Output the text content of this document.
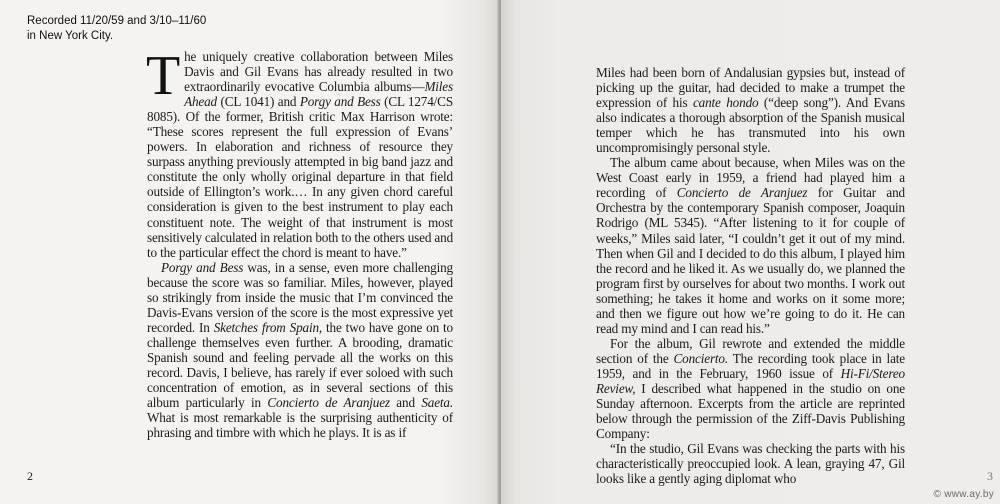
Recorded 11/20/59 and 3/10–11/60
in New York City.

The uniquely creative collaboration between Miles Davis and Gil Evans has already resulted in two extraordinarily evocative Columbia albums—Miles Ahead (CL 1041) and Porgy and Bess (CL 1274/CS 8085). Of the former, British critic Max Harrison wrote: “These scores represent the full expression of Evans’ powers. In elaboration and richness of resource they surpass anything previously attempted in big band jazz and constitute the only wholly original departure in that field outside of Ellington’s work.… In any given chord careful consideration is given to the best instrument to play each constituent note. The weight of that instrument is most sensitively calculated in relation both to the others used and to the particular effect the chord is meant to have.”

Porgy and Bess was, in a sense, even more challenging because the score was so familiar. Miles, however, played so strikingly from inside the music that I’m convinced the Davis-Evans version of the score is the most expressive yet recorded. In Sketches from Spain, the two have gone on to challenge themselves even further. A brooding, dramatic Spanish sound and feeling pervade all the works on this record. Davis, I believe, has rarely if ever soloed with such concentration of emotion, as in several sections of this album particularly in Concierto de Aranjuez and Saeta. What is most remarkable is the surprising authenticity of phrasing and timbre with which he plays. It is as if

2

Miles had been born of Andalusian gypsies but, instead of picking up the guitar, had decided to make a trumpet the expression of his cante hondo (“deep song”). And Evans also indicates a thorough absorption of the Spanish musical temper which he has transmuted into his own uncompromisingly personal style.

The album came about because, when Miles was on the West Coast early in 1959, a friend had played him a recording of Concierto de Aranjuez for Guitar and Orchestra by the contemporary Spanish composer, Joaquin Rodrigo (ML 5345). “After listening to it for couple of weeks,” Miles said later, “I couldn’t get it out of my mind. Then when Gil and I decided to do this album, I played him the record and he liked it. As we usually do, we planned the program first by ourselves for about two months. I work out something; he takes it home and works on it some more; and then we figure out how we’re going to do it. He can read my mind and I can read his.”

For the album, Gil rewrote and extended the middle section of the Concierto. The recording took place in late 1959, and in the February, 1960 issue of Hi-Fi/Stereo Review, I described what happened in the studio on one Sunday afternoon. Excerpts from the article are reprinted below through the permission of the Ziff-Davis Publishing Company:

“In the studio, Gil Evans was checking the parts with his characteristically preoccupied look. A lean, graying 47, Gil looks like a gently aging diplomat who	3
© www.ay.by
